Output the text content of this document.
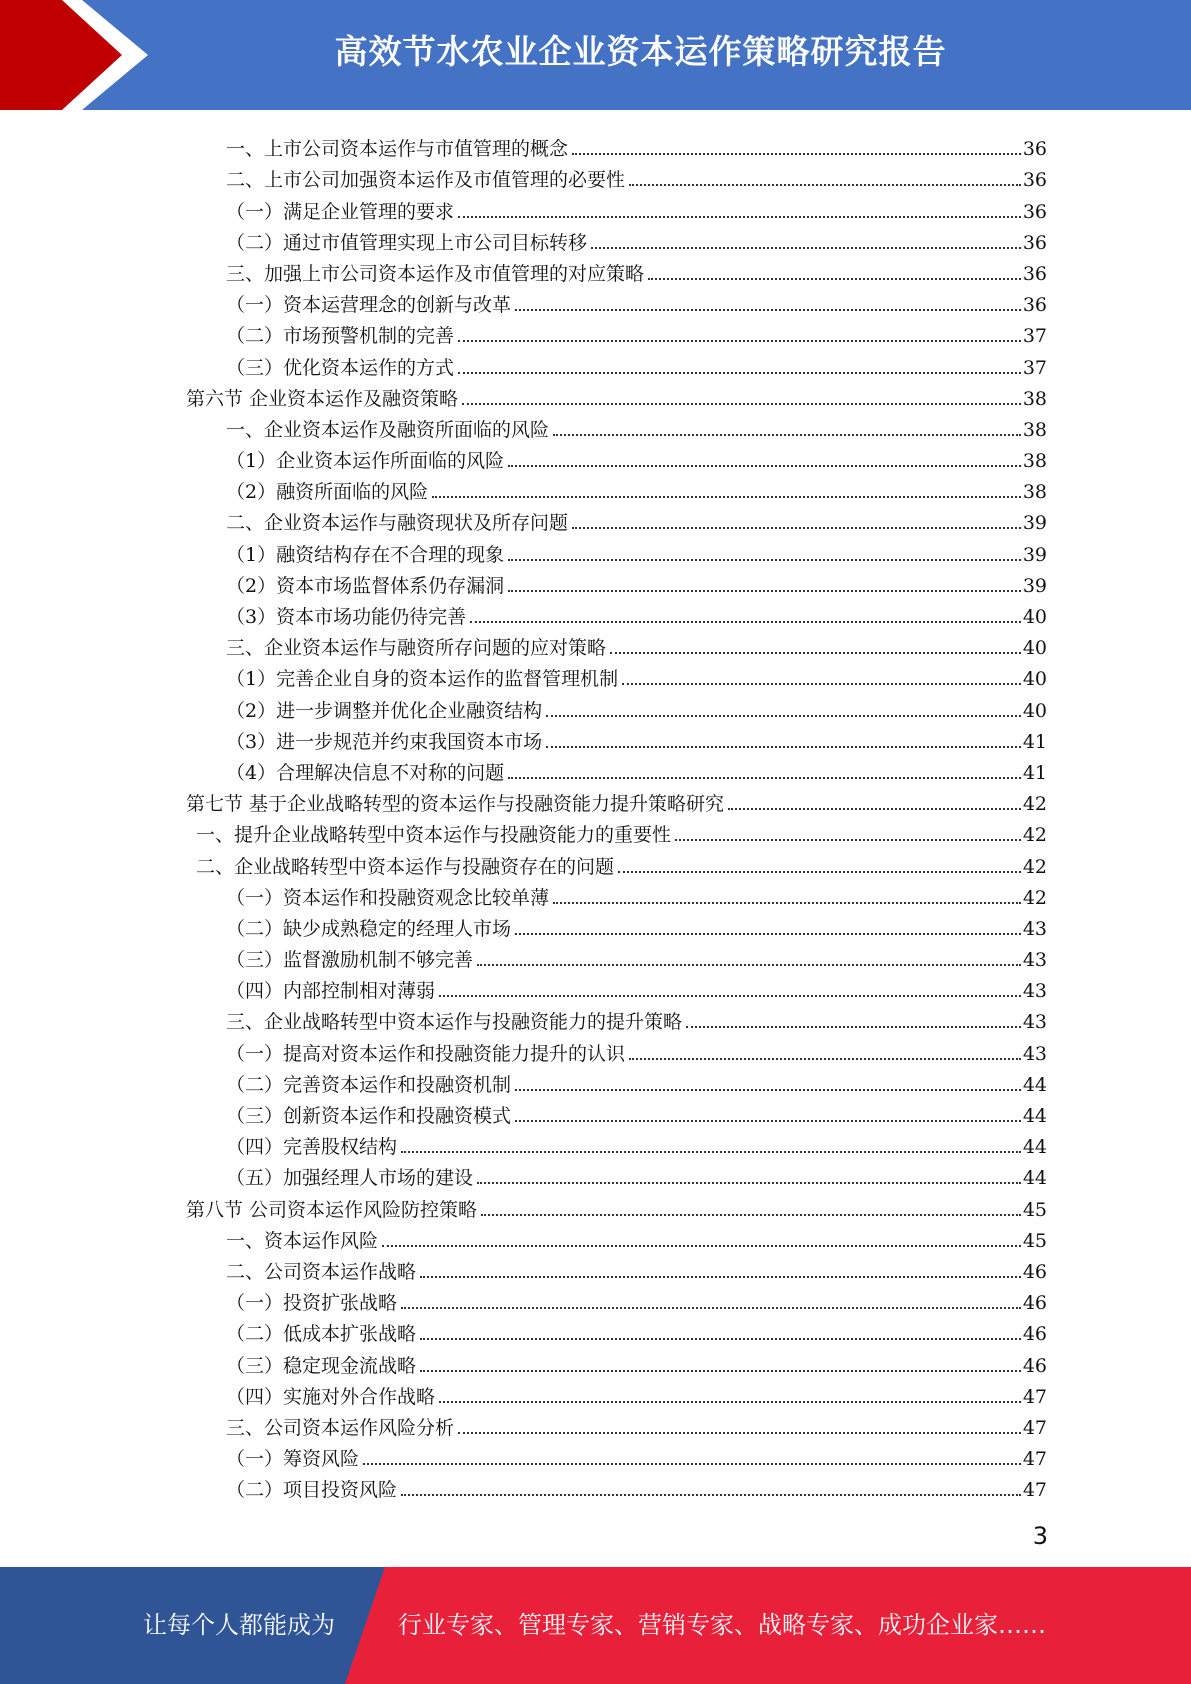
高效节水农业企业资本运作策略研究报告
一、上市公司资本运作与市值管理的概念	36
二、上市公司加强资本运作及市值管理的必要性	36
（一）满足企业管理的要求	36
（二）通过市值管理实现上市公司目标转移	36
三、加强上市公司资本运作及市值管理的对应策略	36
（一）资本运营理念的创新与改革	36
（二）市场预警机制的完善	37
（三）优化资本运作的方式	37
第六节 企业资本运作及融资策略	38
一、企业资本运作及融资所面临的风险	38
（1）企业资本运作所面临的风险	38
（2）融资所面临的风险	38
二、企业资本运作与融资现状及所存问题	39
（1）融资结构存在不合理的现象	39
（2）资本市场监督体系仍存漏洞	39
（3）资本市场功能仍待完善	40
三、企业资本运作与融资所存问题的应对策略	40
（1）完善企业自身的资本运作的监督管理机制	40
（2）进一步调整并优化企业融资结构	40
（3）进一步规范并约束我国资本市场	41
（4）合理解决信息不对称的问题	41
第七节 基于企业战略转型的资本运作与投融资能力提升策略研究	42
一、提升企业战略转型中资本运作与投融资能力的重要性	42
二、企业战略转型中资本运作与投融资存在的问题	42
（一）资本运作和投融资观念比较单薄	42
（二）缺少成熟稳定的经理人市场	43
（三）监督激励机制不够完善	43
（四）内部控制相对薄弱	43
三、企业战略转型中资本运作与投融资能力的提升策略	43
（一）提高对资本运作和投融资能力提升的认识	43
（二）完善资本运作和投融资机制	44
（三）创新资本运作和投融资模式	44
（四）完善股权结构	44
（五）加强经理人市场的建设	44
第八节 公司资本运作风险防控策略	45
一、资本运作风险	45
二、公司资本运作战略	46
（一）投资扩张战略	46
（二）低成本扩张战略	46
（三）稳定现金流战略	46
（四）实施对外合作战略	47
三、公司资本运作风险分析	47
（一）筹资风险	47
（二）项目投资风险	47
3
让每个人都能成为	行业专家、管理专家、营销专家、战略专家、成功企业家……
